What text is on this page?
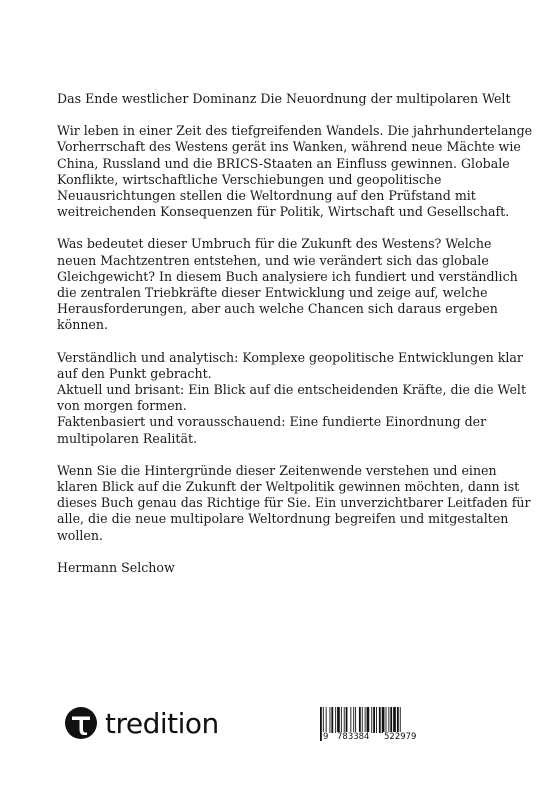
Das Ende westlicher Dominanz Die Neuordnung der multipolaren Welt

Wir leben in einer Zeit des tiefgreifenden Wandels. Die jahrhundertelange
Vorherrschaft des Westens gerät ins Wanken, während neue Mächte wie
China, Russland und die BRICS-Staaten an Einfluss gewinnen. Globale
Konflikte, wirtschaftliche Verschiebungen und geopolitische
Neuausrichtungen stellen die Weltordnung auf den Prüfstand mit
weitreichenden Konsequenzen für Politik, Wirtschaft und Gesellschaft.

Was bedeutet dieser Umbruch für die Zukunft des Westens? Welche
neuen Machtzentren entstehen, und wie verändert sich das globale
Gleichgewicht? In diesem Buch analysiere ich fundiert und verständlich
die zentralen Triebkräfte dieser Entwicklung und zeige auf, welche
Herausforderungen, aber auch welche Chancen sich daraus ergeben
können.

Verständlich und analytisch: Komplexe geopolitische Entwicklungen klar
auf den Punkt gebracht.
Aktuell und brisant: Ein Blick auf die entscheidenden Kräfte, die die Welt
von morgen formen.
Faktenbasiert und vorausschauend: Eine fundierte Einordnung der
multipolaren Realität.

Wenn Sie die Hintergründe dieser Zeitenwende verstehen und einen
klaren Blick auf die Zukunft der Weltpolitik gewinnen möchten, dann ist
dieses Buch genau das Richtige für Sie. Ein unverzichtbarer Leitfaden für
alle, die die neue multipolare Weltordnung begreifen und mitgestalten
wollen.

Hermann Selchow

tredition	9 783384 522979
